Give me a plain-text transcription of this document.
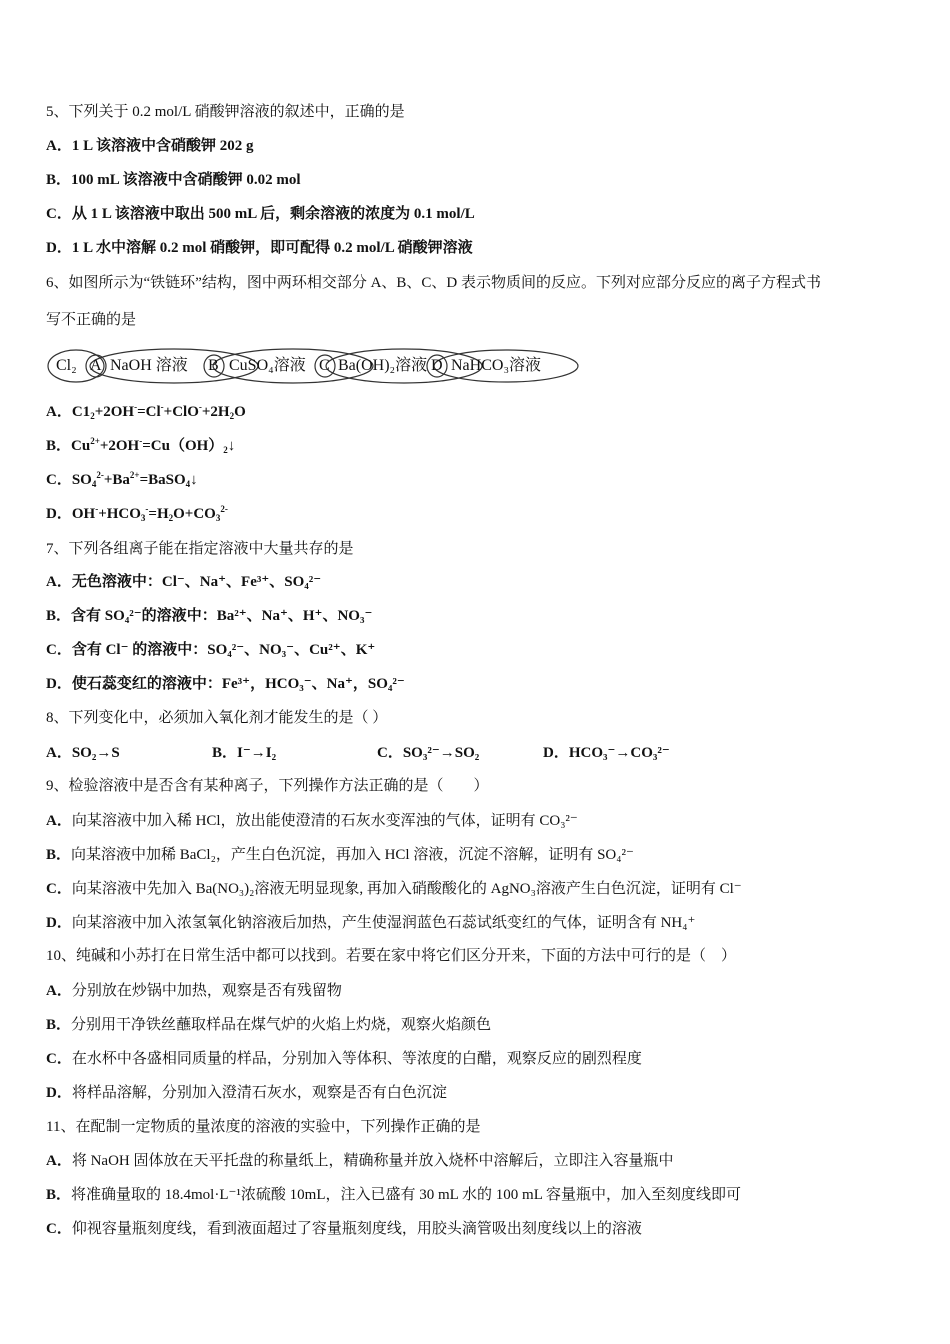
5、下列关于 0.2 mol/L 硝酸钾溶液的叙述中，正确的是
A．1 L 该溶液中含硝酸钾 202 g
B．100 mL 该溶液中含硝酸钾 0.02 mol
C．从 1 L 该溶液中取出 500 mL 后，剩余溶液的浓度为 0.1 mol/L
D．1 L 水中溶解 0.2 mol 硝酸钾，即可配得 0.2 mol/L 硝酸钾溶液
6、如图所示为“铁链环”结构，图中两环相交部分 A、B、C、D 表示物质间的反应。下列对应部分反应的离子方程式书
写不正确的是
Cl₂ A NaOH 溶液 B CuSO₄溶液 C Ba(OH)₂溶液 D NaHCO₃溶液
A．$C1_2+2OH^-=Cl^-+ClO^-+2H_2O$
B．$Cu^{2+}+2OH^-=Cu(OH)_2↓$
C．$SO_4^{2-}+Ba^{2+}=BaSO_4↓$
D．$OH^-+HCO_3^-=H_2O+CO_3^{2-}$
7、下列各组离子能在指定溶液中大量共存的是
A．无色溶液中：Cl⁻、Na⁺、Fe³⁺、SO₄²⁻
B．含有 SO₄²⁻的溶液中：Ba²⁺、Na⁺、H⁺、NO₃⁻
C．含有 Cl⁻ 的溶液中：SO₄²⁻、NO₃⁻、Cu²⁺、K⁺
D．使石蕊变红的溶液中：Fe³⁺，HCO₃⁻、Na⁺，SO₄²⁻
8、下列变化中，必须加入氧化剂才能发生的是（ ）
A．SO₂→S	B．I⁻→I₂	C．SO₃²⁻→SO₂	D．HCO₃⁻→CO₃²⁻
9、检验溶液中是否含有某种离子，下列操作方法正确的是（　　）
A．向某溶液中加入稀 HCl，放出能使澄清的石灰水变浑浊的气体，证明有 CO₃²⁻
B．向某溶液中加稀 BaCl₂，产生白色沉淀，再加入 HCl 溶液，沉淀不溶解，证明有 SO₄²⁻
C．向某溶液中先加入 Ba(NO₃)₂溶液无明显现象, 再加入硝酸酸化的 AgNO₃溶液产生白色沉淀，证明有 Cl⁻
D．向某溶液中加入浓氢氧化钠溶液后加热，产生使湿润蓝色石蕊试纸变红的气体，证明含有 NH₄⁺
10、纯碱和小苏打在日常生活中都可以找到。若要在家中将它们区分开来，下面的方法中可行的是（　）
A．分别放在炒锅中加热，观察是否有残留物
B．分别用干净铁丝蘸取样品在煤气炉的火焰上灼烧，观察火焰颜色
C．在水杯中各盛相同质量的样品，分别加入等体积、等浓度的白醋，观察反应的剧烈程度
D．将样品溶解，分别加入澄清石灰水，观察是否有白色沉淀
11、在配制一定物质的量浓度的溶液的实验中，下列操作正确的是
A．将 NaOH 固体放在天平托盘的称量纸上，精确称量并放入烧杯中溶解后，立即注入容量瓶中
B．将准确量取的 18.4mol·L⁻¹浓硫酸 10mL，注入已盛有 30 mL 水的 100 mL 容量瓶中，加入至刻度线即可
C．仰视容量瓶刻度线，看到液面超过了容量瓶刻度线，用胶头滴管吸出刻度线以上的溶液
